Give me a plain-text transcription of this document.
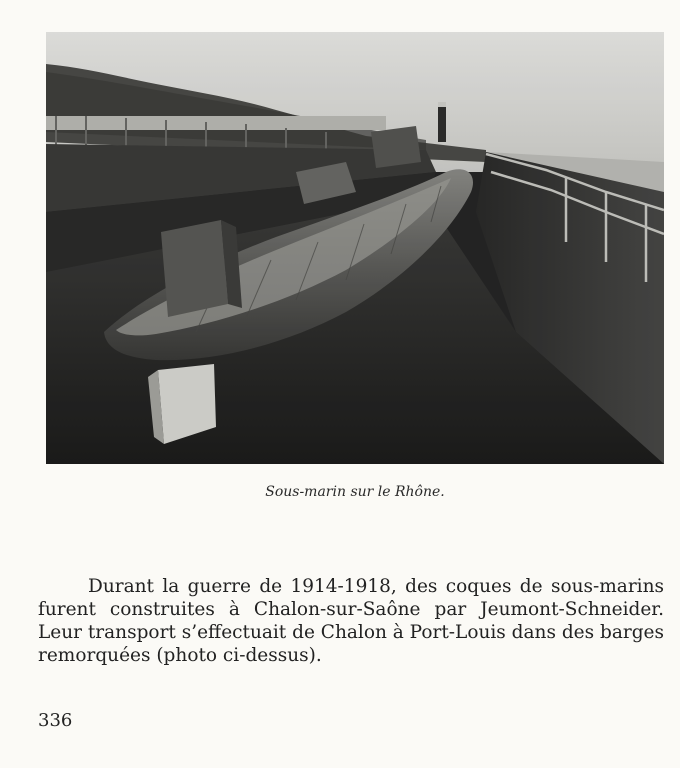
Sous-marin sur le Rhône.

Durant la guerre de 1914-1918, des coques de sous-marins furent construites à Chalon-sur-Saône par Jeumont-Schneider. Leur transport s’effectuait de Chalon à Port-Louis dans des barges remorquées (photo ci-dessus).

336
